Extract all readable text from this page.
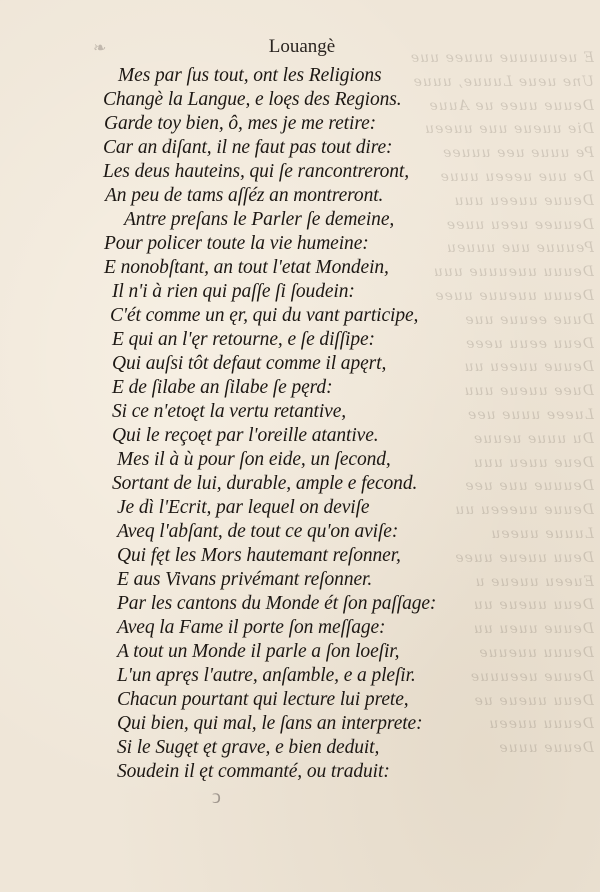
E ueuuuuue uuuee uue
Une ueue Luuue, uuue
Deuue uuee ue Auue
Die uueue uue uueeu
Pe uuue uee uuuee
De uue ueeeu uuue
Deuue uueeu uuu
Deuuee ueeu uuee
Peuuue uue uuueu
Deuuu uueuuue uuu
Deuuu uueuue uuee
Duue eeuue uue
Deuu eeuu ueee
Deuue uueeu uu
Duee uueue uuu
Lueee uuue uee
Du uuue ueuue
Deue uueu uuu
Deuuue uue uee
Deuue uueeeu uu
Luuue uueeu
Deuu uueue uuee
Eueeu uueue u
Deuu uueue uu
Deuue uueu uu
Deuuu uueuue
Deuue ueeuuue
Deuu uueue ue
Deuuu uueeu
Deuue uuue
❧	Louangè
Mes par ſus tout, ont les Religions
Changè la Langue, e loęs des Regions.
Garde toy bien, ô, mes je me retire:
Car an diſant, il ne faut pas tout dire:
Les deus hauteins, qui ſe rancontreront,
An peu de tams aſſéz an montreront.
Antre preſans le Parler ſe demeine,
Pour policer toute la vie humeine:
E nonobſtant, an tout l'etat Mondein,
Il n'i à rien qui paſſe ſi ſoudein:
C'ét comme un ęr, qui du vant participe,
E qui an l'ęr retourne, e ſe diſſipe:
Qui auſsi tôt defaut comme il apęrt,
E de ſilabe an ſilabe ſe pęrd:
Si ce n'etoęt la vertu retantive,
Qui le reçoęt par l'oreille atantive.
Mes il à ù pour ſon eide, un ſecond,
Sortant de lui, durable, ample e fecond.
Je dì l'Ecrit, par lequel on deviſe
Aveq l'abſant, de tout ce qu'on aviſe:
Qui fęt les Mors hautemant reſonner,
E aus Vivans privémant reſonner.
Par les cantons du Monde ét ſon paſſage:
Aveq la Fame il porte ſon meſſage:
A tout un Monde il parle a ſon loeſir,
L'un apręs l'autre, anſamble, e a pleſir.
Chacun pourtant qui lecture lui prete,
Qui bien, qui mal, le ſans an interprete:
Si le Sugęt ęt grave, e bien deduit,
Soudein il ęt commanté, ou traduit:
ↄ
